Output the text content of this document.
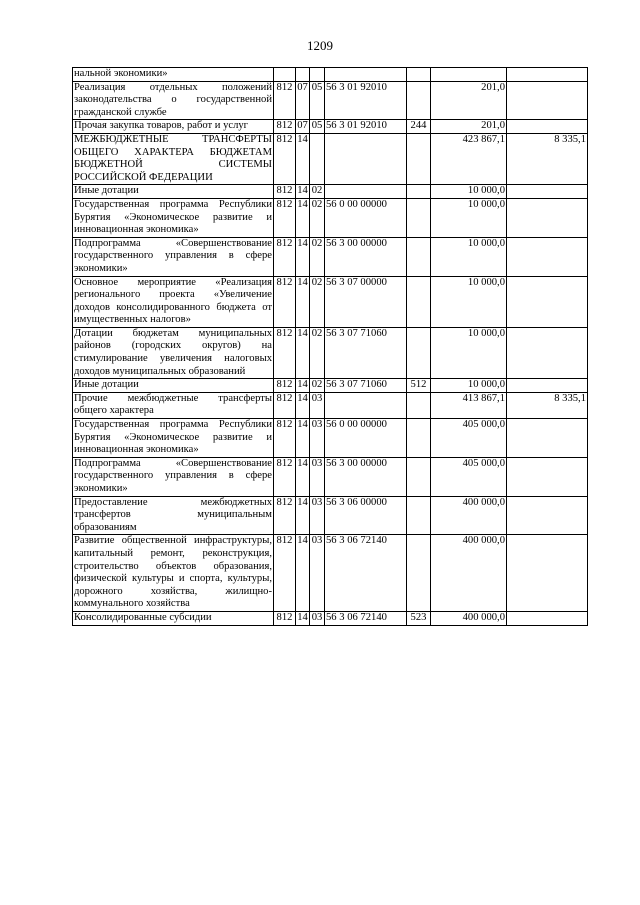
1209
нальной экономики»							
Реализация отдельных положений законодательства о государственной гражданской службе	812	07	05	56 3 01 92010		201,0	
Прочая закупка товаров, работ и услуг	812	07	05	56 3 01 92010	244	201,0	
МЕЖБЮДЖЕТНЫЕ ТРАНСФЕРТЫ ОБЩЕГО ХАРАКТЕРА БЮДЖЕТАМ БЮДЖЕТНОЙ СИСТЕМЫ РОССИЙСКОЙ ФЕДЕРАЦИИ	812	14				423 867,1	8 335,1
Иные дотации	812	14	02			10 000,0	
Государственная программа Республики Бурятия «Экономическое развитие и инновационная экономика»	812	14	02	56 0 00 00000		10 000,0	
Подпрограмма «Совершенствование государственного управления в сфере экономики»	812	14	02	56 3 00 00000		10 000,0	
Основное мероприятие «Реализация регионального проекта «Увеличение доходов консолидированного бюджета от имущественных налогов»	812	14	02	56 3 07 00000		10 000,0	
Дотации бюджетам муниципальных районов (городских округов) на стимулирование увеличения налоговых доходов муниципальных образований	812	14	02	56 3 07 71060		10 000,0	
Иные дотации	812	14	02	56 3 07 71060	512	10 000,0	
Прочие межбюджетные трансферты общего характера	812	14	03			413 867,1	8 335,1
Государственная программа Республики Бурятия «Экономическое развитие и инновационная экономика»	812	14	03	56 0 00 00000		405 000,0	
Подпрограмма «Совершенствование государственного управления в сфере экономики»	812	14	03	56 3 00 00000		405 000,0	
Предоставление межбюджетных трансфертов муниципальным образованиям	812	14	03	56 3 06 00000		400 000,0	
Развитие общественной инфраструктуры, капитальный ремонт, реконструкция, строительство объектов образования, физической культуры и спорта, культуры, дорожного хозяйства, жилищно-коммунального хозяйства	812	14	03	56 3 06 72140		400 000,0	
Консолидированные субсидии	812	14	03	56 3 06 72140	523	400 000,0	
